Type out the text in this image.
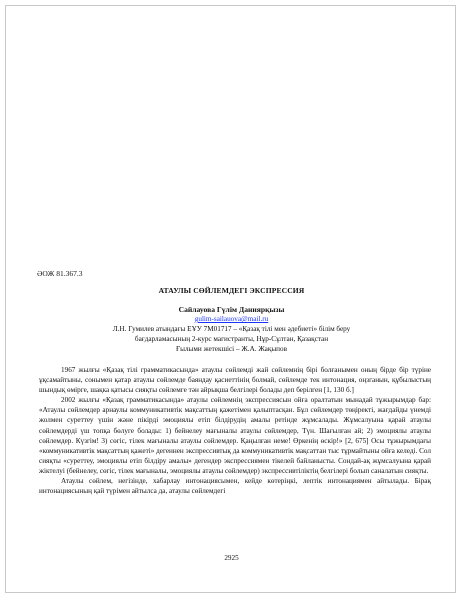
ӘОЖ 81.367.3
АТАУЛЫ СӨЙЛЕМДЕГІ ЭКСПРЕССИЯ
Сайлауова Гүлім Даниярқызы
gulim-sailauova@mail.ru
Л.Н. Гумилев атындағы ЕҰУ 7М01717 – «Қазақ тілі мен әдебиеті» білім беру
бағдарламасының 2-курс магистранты, Нұр-Сұлтан, Қазақстан
Ғылыми жетекшісі – Ж.А. Жақыпов

1967 жылғы «Қазақ тілі грамматикасында» атаулы сөйлемді жай сөйлемнің бірі болғанымен оның бірде бір түріне ұқсамайтыны, сонымен қатар атаулы сөйлемде баяндау қасиеттінің болмай, сөйлемде тек интонация, оңзганын, құбылыстың шындық өмірге, шақка қатысы сияқты сөйлемге тән айрықша белгілері болады деп берілген [1, 130 б.]

2002 жылғы «Қазақ грамматикасында» атаулы сөйлемнің экспрессиясын ойға оралтатын мынадай тұжырымдар бар: «Атаулы сөйлемдер арнаулы коммуникативтік мақсаттың қажетімен қалыптасқан. Бұл сөйлемдер төңіректі, жағдайды үнемді жолмен суреттеу үшін және пікірді эмоциялы етіп білдірудің амалы ретінде жұмсалады. Жұмсалуына қарай атаулы сөйлемдерді үш топқа бөлуге болады: 1) бейнелеу мағыналы атаулы сөйлемдер, Түн. Шағылған ай; 2) эмоциялы атаулы сөйлемдер. Күзгім! 3) сөгіс, тілек мағыналы атаулы сөйлемдер. Қаңылған неме! Өркенің өскір!» [2, 675] Осы тұжырымдағы «коммуникативтік мақсаттың қажеті» дегеннен экспрессивтық да коммуникативтік мақсаттан тыс тұрмайтыны ойға келеді. Сол сияқты «суреттеу, эмоциялы етіп білдіру амалы» дегендер экспрессиямен тікелей байланысты. Сондай-ақ жұмсалуына қарай жіктелуі (бейнелеу, сөгіс, тілек мағыналы, эмоциялы атаулы сөйлемдер) экспрессивтіліктің белгілері болып саналатын сияқты.

Атаулы сөйлем, негізінде, хабарлау интонациясымен, кейде көтеріңкі, лептік интонациямен айтылады. Бірақ интонациясының қай түрімен айтылса да, атаулы сөйлемдегі

2925
